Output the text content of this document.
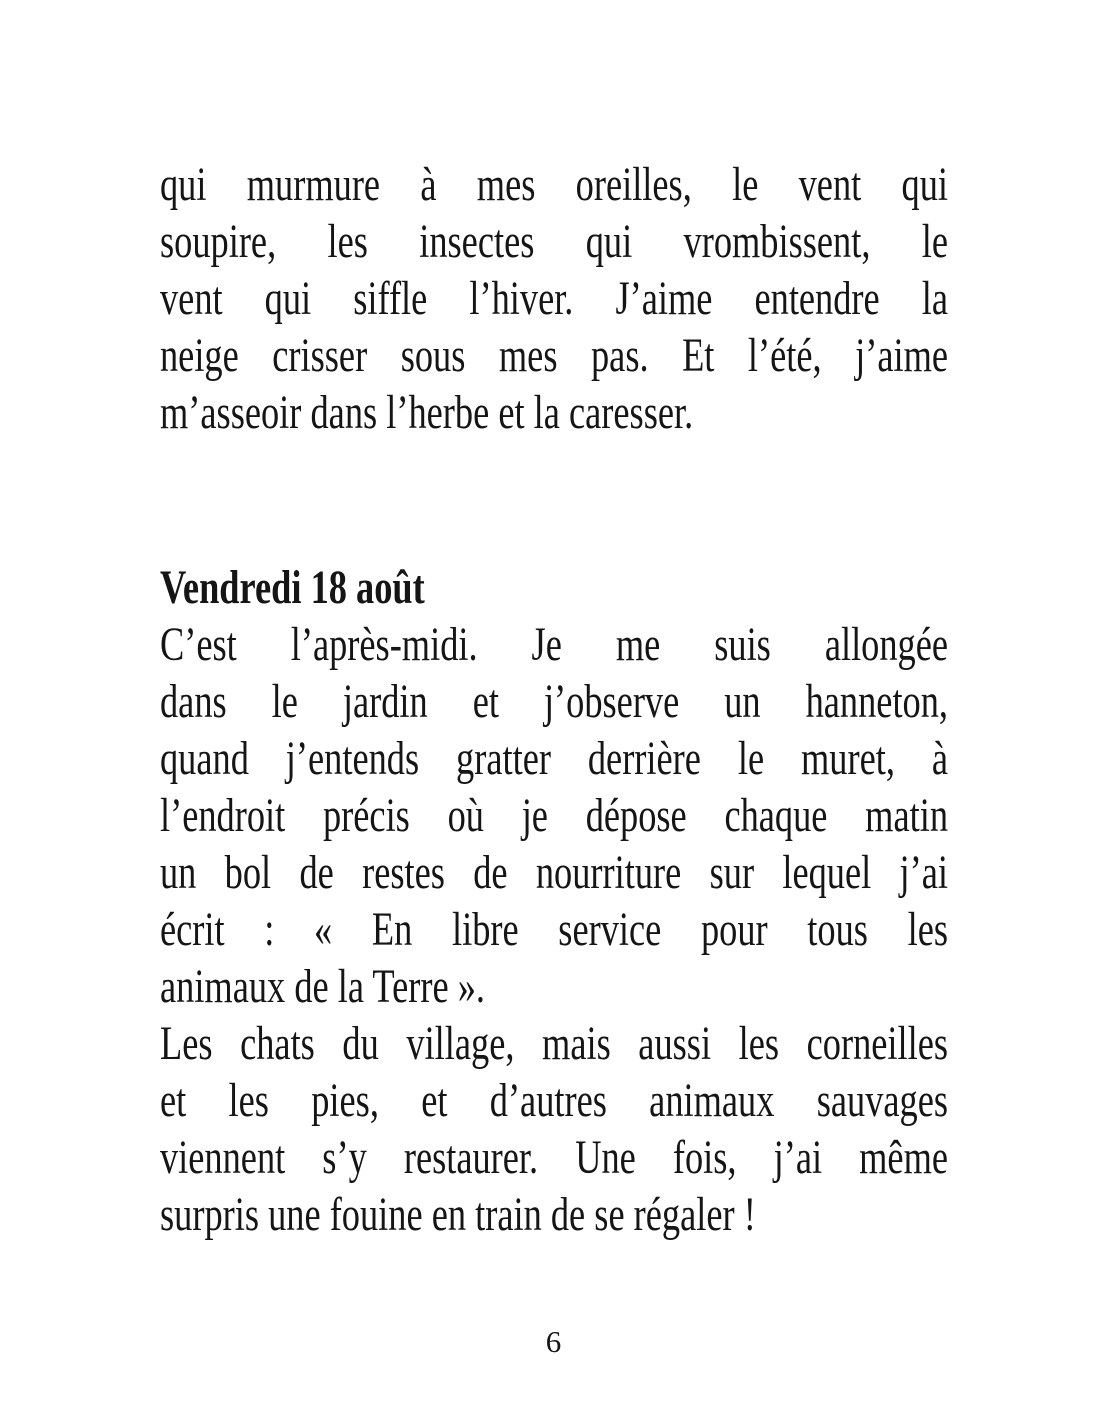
qui murmure à mes oreilles, le vent qui
soupire, les insectes qui vrombissent, le
vent qui siffle l’hiver. J’aime entendre la
neige crisser sous mes pas. Et l’été, j’aime
m’asseoir dans l’herbe et la caresser.
Vendredi 18 août
C’est l’après-midi. Je me suis allongée
dans le jardin et j’observe un hanneton,
quand j’entends gratter derrière le muret, à
l’endroit précis où je dépose chaque matin
un bol de restes de nourriture sur lequel j’ai
écrit : « En libre service pour tous les
animaux de la Terre ».
Les chats du village, mais aussi les corneilles
et les pies, et d’autres animaux sauvages
viennent s’y restaurer. Une fois, j’ai même
surpris une fouine en train de se régaler !
6
